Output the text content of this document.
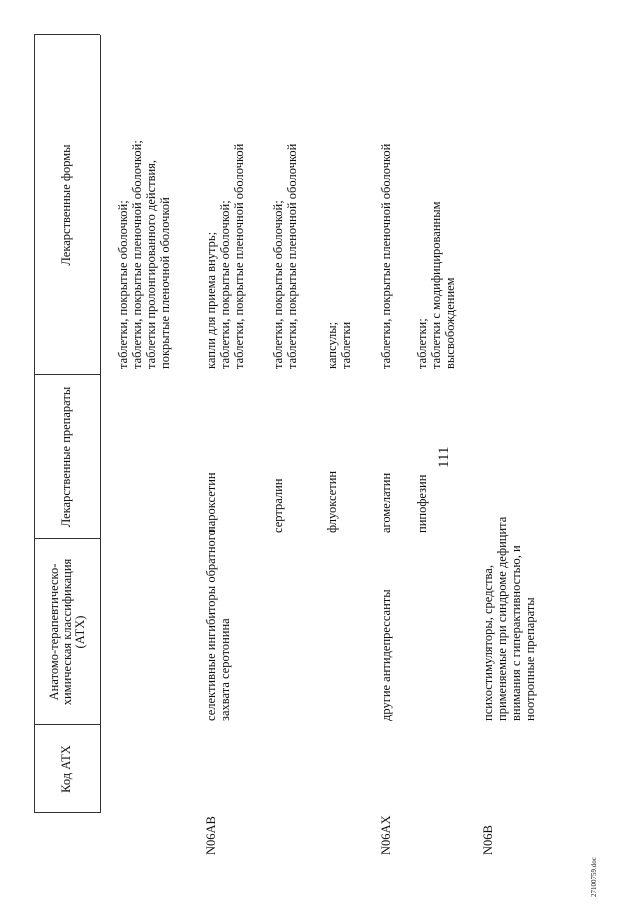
111
Код АТХ
Анатомо-терапевтическо-химическая классификация (АТХ)
Лекарственные препараты
Лекарственные формы	таблетки, покрытые оболочкой; таблетки, покрытые пленочной оболочкой; таблетки пролонгированного действия, покрытые пленочной оболочкой
N06AB
селективные ингибиторы обратного захвата серотонина
пароксетин
капли для приема внутрь; таблетки, покрытые оболочкой; таблетки, покрытые пленочной оболочкой
сертралин
таблетки, покрытые оболочкой; таблетки, покрытые пленочной оболочкой
флуоксетин
капсулы; таблетки
N06AX
другие антидепрессанты
агомелатин
таблетки, покрытые пленочной оболочкой
пипофезин
таблетки; таблетки с модифицированным высвобождением
N06B
психостимуляторы, средства, применяемые при синдроме дефицита внимания с гиперактивностью, и ноотропные препараты
27100759.doc
